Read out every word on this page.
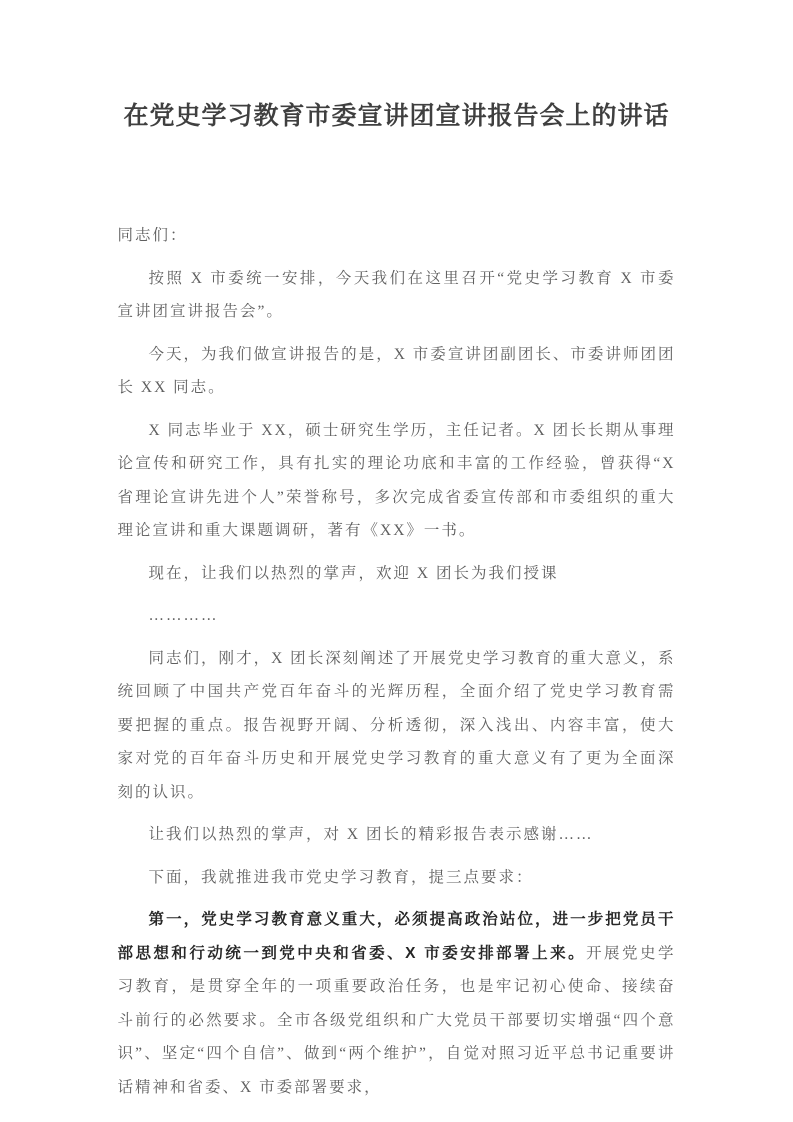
在党史学习教育市委宣讲团宣讲报告会上的讲话

同志们：

按照 X 市委统一安排，今天我们在这里召开“党史学习教育 X 市委宣讲团宣讲报告会”。

今天，为我们做宣讲报告的是，X 市委宣讲团副团长、市委讲师团团长 XX 同志。

X 同志毕业于 XX，硕士研究生学历，主任记者。X 团长长期从事理论宣传和研究工作，具有扎实的理论功底和丰富的工作经验，曾获得“X 省理论宣讲先进个人”荣誉称号，多次完成省委宣传部和市委组织的重大理论宣讲和重大课题调研，著有《XX》一书。

现在，让我们以热烈的掌声，欢迎 X 团长为我们授课

…………

同志们，刚才，X 团长深刻阐述了开展党史学习教育的重大意义，系统回顾了中国共产党百年奋斗的光辉历程，全面介绍了党史学习教育需要把握的重点。报告视野开阔、分析透彻，深入浅出、内容丰富，使大家对党的百年奋斗历史和开展党史学习教育的重大意义有了更为全面深刻的认识。

让我们以热烈的掌声，对 X 团长的精彩报告表示感谢……

下面，我就推进我市党史学习教育，提三点要求：

第一，党史学习教育意义重大，必须提高政治站位，进一步把党员干部思想和行动统一到党中央和省委、X 市委安排部署上来。开展党史学习教育，是贯穿全年的一项重要政治任务，也是牢记初心使命、接续奋斗前行的必然要求。全市各级党组织和广大党员干部要切实增强“四个意识”、坚定“四个自信”、做到“两个维护”，自觉对照习近平总书记重要讲话精神和省委、X 市委部署要求，
